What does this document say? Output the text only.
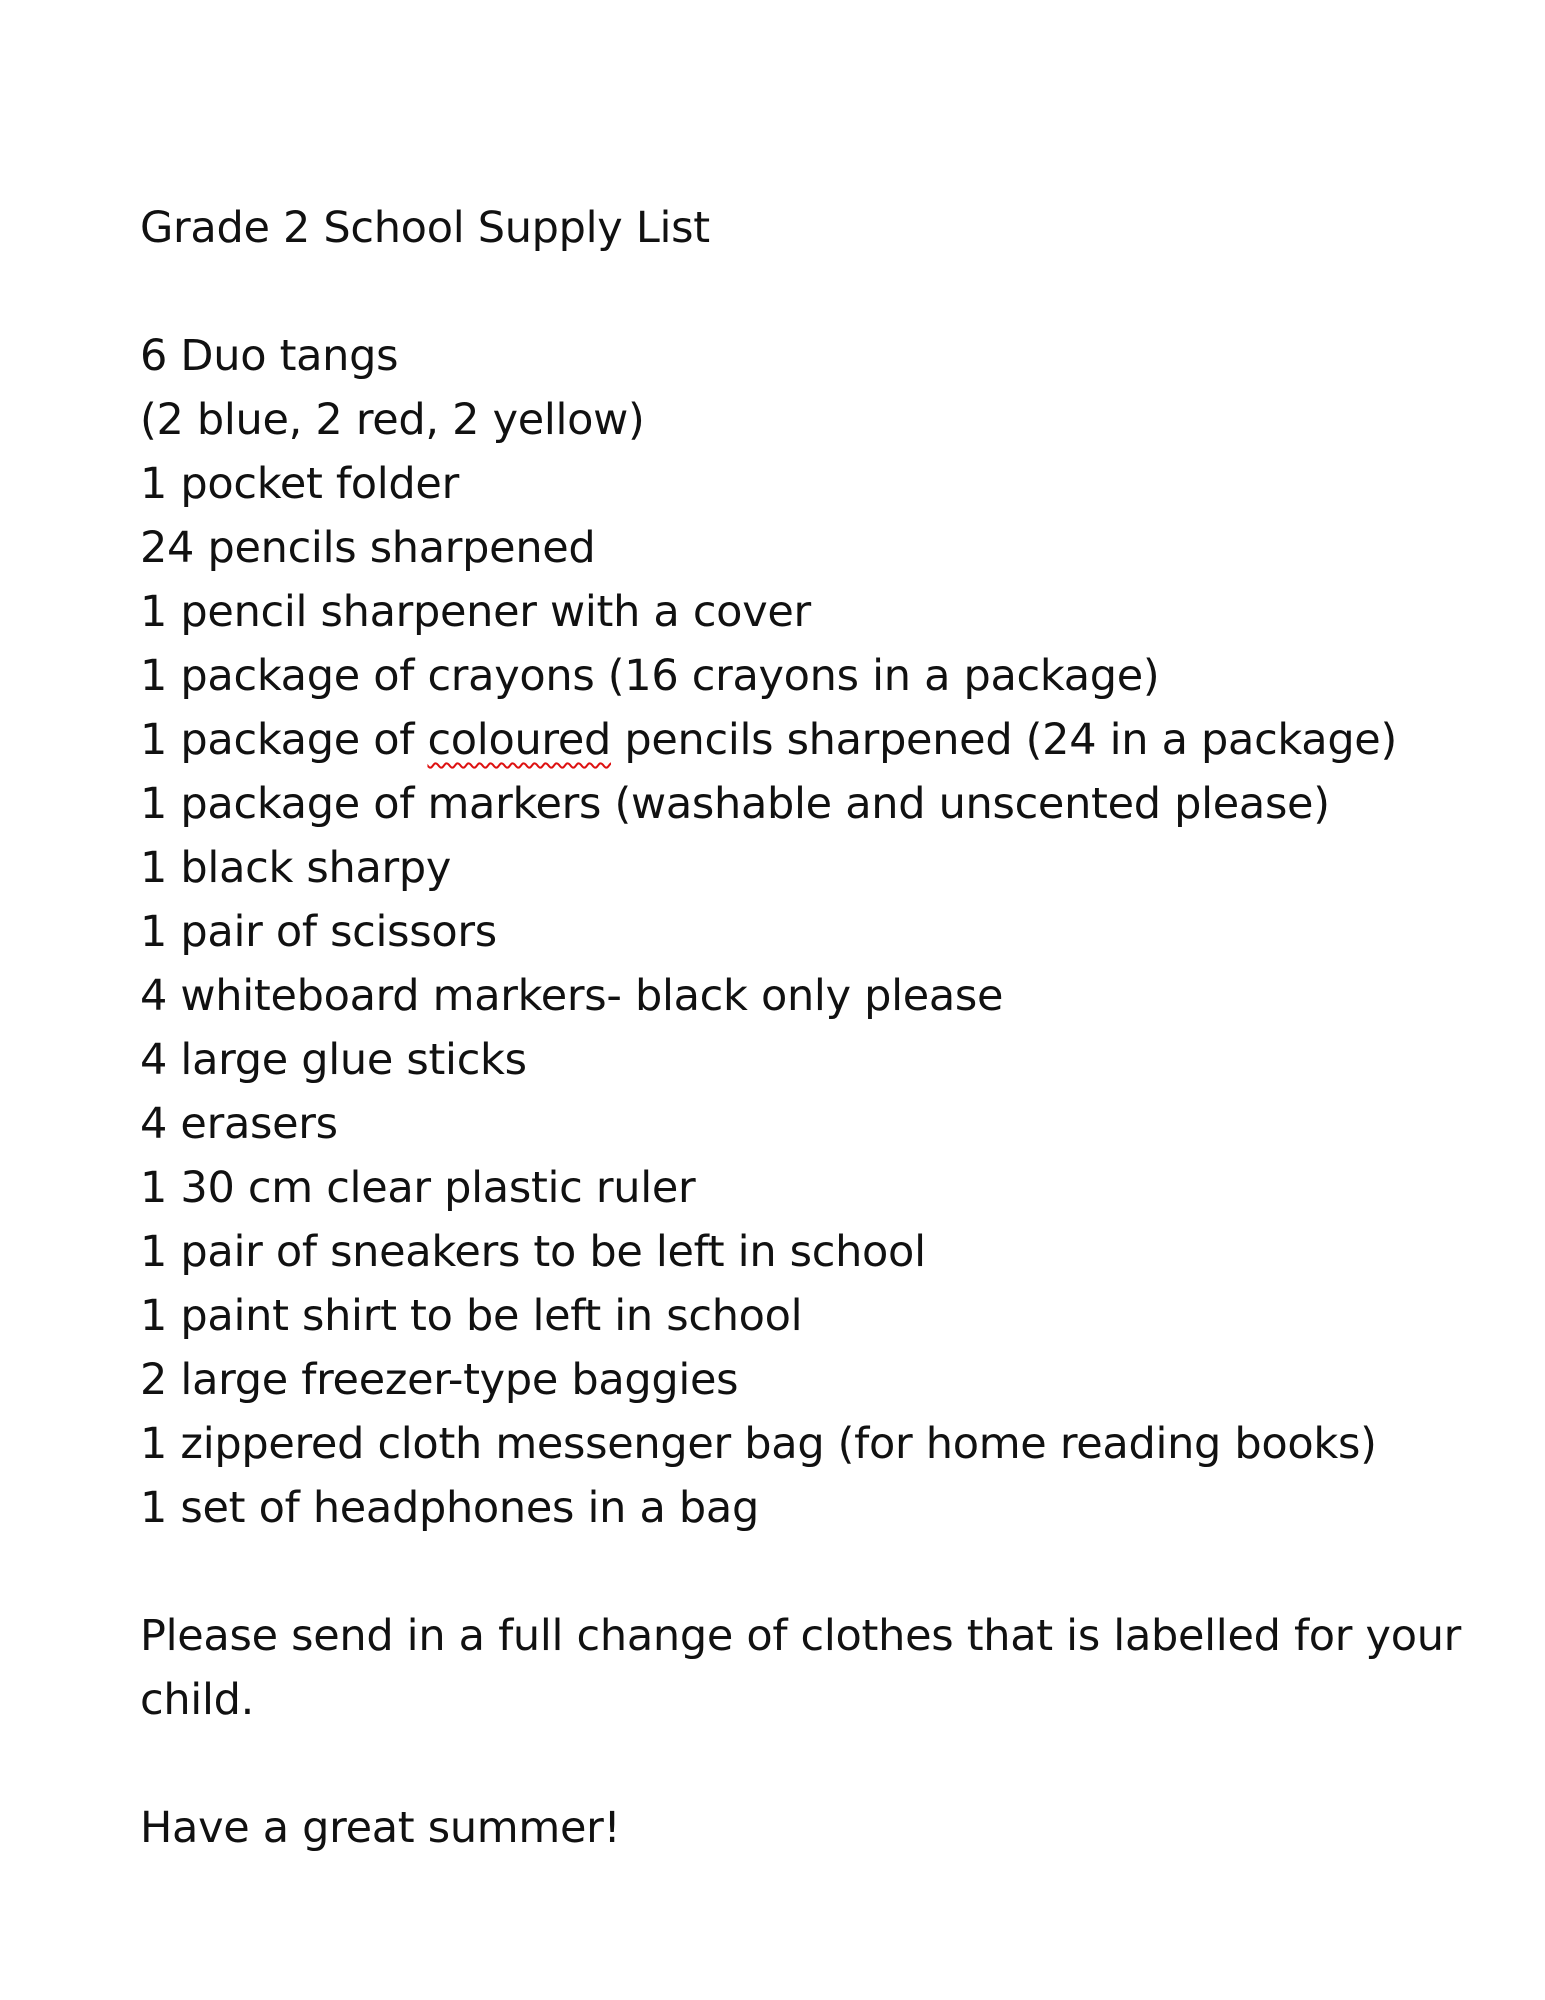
Grade 2 School Supply List
6 Duo tangs
(2 blue, 2 red, 2 yellow)
1 pocket folder
24 pencils sharpened
1 pencil sharpener with a cover
1 package of crayons (16 crayons in a package)
1 package of coloured pencils sharpened (24 in a package)
1 package of markers (washable and unscented please)
1 black sharpy
1 pair of scissors
4 whiteboard markers- black only please
4 large glue sticks
4 erasers
1 30 cm clear plastic ruler
1 pair of sneakers to be left in school
1 paint shirt to be left in school
2 large freezer-type baggies
1 zippered cloth messenger bag (for home reading books)
1 set of headphones in a bag

Please send in a full change of clothes that is labelled for your child.

Have a great summer!
